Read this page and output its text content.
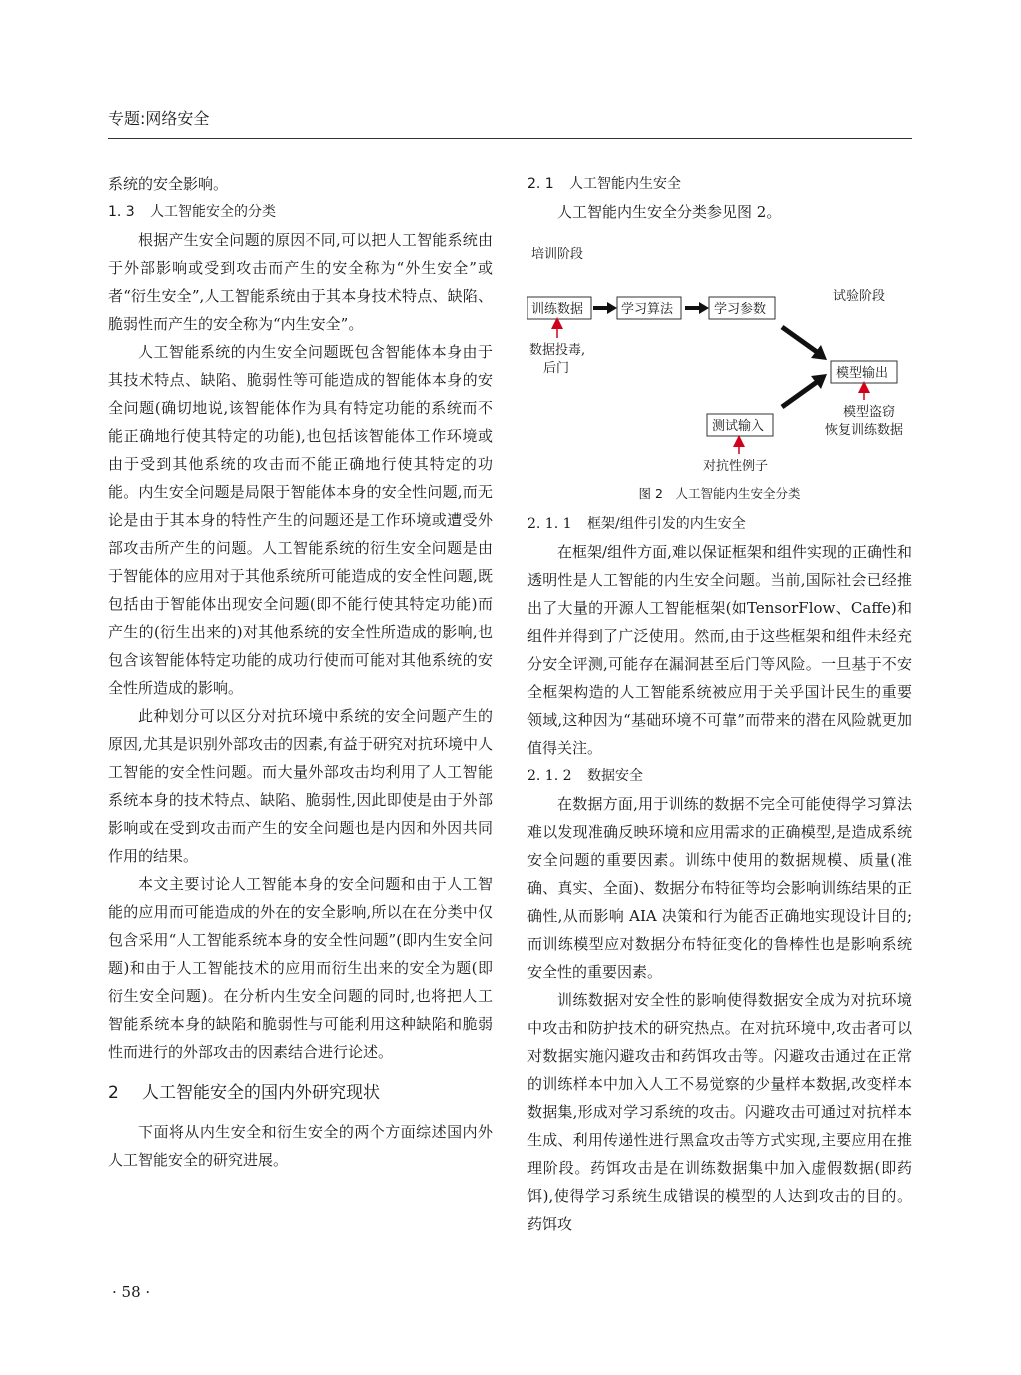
专题:网络安全

系统的安全影响。

1. 3 人工智能安全的分类

根据产生安全问题的原因不同,可以把人工智能系统由于外部影响或受到攻击而产生的安全称为“外生安全”或者“衍生安全”,人工智能系统由于其本身技术特点、缺陷、脆弱性而产生的安全称为“内生安全”。

人工智能系统的内生安全问题既包含智能体本身由于其技术特点、缺陷、脆弱性等可能造成的智能体本身的安全问题(确切地说,该智能体作为具有特定功能的系统而不能正确地行使其特定的功能),也包括该智能体工作环境或由于受到其他系统的攻击而不能正确地行使其特定的功能。内生安全问题是局限于智能体本身的安全性问题,而无论是由于其本身的特性产生的问题还是工作环境或遭受外部攻击所产生的问题。人工智能系统的衍生安全问题是由于智能体的应用对于其他系统所可能造成的安全性问题,既包括由于智能体出现安全问题(即不能行使其特定功能)而产生的(衍生出来的)对其他系统的安全性所造成的影响,也包含该智能体特定功能的成功行使而可能对其他系统的安全性所造成的影响。

此种划分可以区分对抗环境中系统的安全问题产生的原因,尤其是识别外部攻击的因素,有益于研究对抗环境中人工智能的安全性问题。而大量外部攻击均利用了人工智能系统本身的技术特点、缺陷、脆弱性,因此即使是由于外部影响或在受到攻击而产生的安全问题也是内因和外因共同作用的结果。

本文主要讨论人工智能本身的安全问题和由于人工智能的应用而可能造成的外在的安全影响,所以在在分类中仅包含采用“人工智能系统本身的安全性问题”(即内生安全问题)和由于人工智能技术的应用而衍生出来的安全为题(即衍生安全问题)。在分析内生安全问题的同时,也将把人工智能系统本身的缺陷和脆弱性与可能利用这种缺陷和脆弱性而进行的外部攻击的因素结合进行论述。

2 人工智能安全的国内外研究现状

下面将从内生安全和衍生安全的两个方面综述国内外人工智能安全的研究进展。

2. 1 人工智能内生安全

人工智能内生安全分类参见图 2。

培训阶段
试验阶段
训练数据	学习算法	学习参数
模型输出
测试输入
数据投毒,
后门
模型盗窃
恢复训练数据
对抗性例子
图 2　人工智能内生安全分类
2. 1. 1 框架/组件引发的内生安全

在框架/组件方面,难以保证框架和组件实现的正确性和透明性是人工智能的内生安全问题。当前,国际社会已经推出了大量的开源人工智能框架(如TensorFlow、Caffe)和组件并得到了广泛使用。然而,由于这些框架和组件未经充分安全评测,可能存在漏洞甚至后门等风险。一旦基于不安全框架构造的人工智能系统被应用于关乎国计民生的重要领域,这种因为“基础环境不可靠”而带来的潜在风险就更加值得关注。

2. 1. 2 数据安全

在数据方面,用于训练的数据不完全可能使得学习算法难以发现准确反映环境和应用需求的正确模型,是造成系统安全问题的重要因素。训练中使用的数据规模、质量(准确、真实、全面)、数据分布特征等均会影响训练结果的正确性,从而影响 AIA 决策和行为能否正确地实现设计目的;而训练模型应对数据分布特征变化的鲁棒性也是影响系统安全性的重要因素。

训练数据对安全性的影响使得数据安全成为对抗环境中攻击和防护技术的研究热点。在对抗环境中,攻击者可以对数据实施闪避攻击和药饵攻击等。闪避攻击通过在正常的训练样本中加入人工不易觉察的少量样本数据,改变样本数据集,形成对学习系统的攻击。闪避攻击可通过对抗样本生成、利用传递性进行黑盒攻击等方式实现,主要应用在推理阶段。药饵攻击是在训练数据集中加入虚假数据(即药饵),使得学习系统生成错误的模型的人达到攻击的目的。药饵攻

· 58 ·
